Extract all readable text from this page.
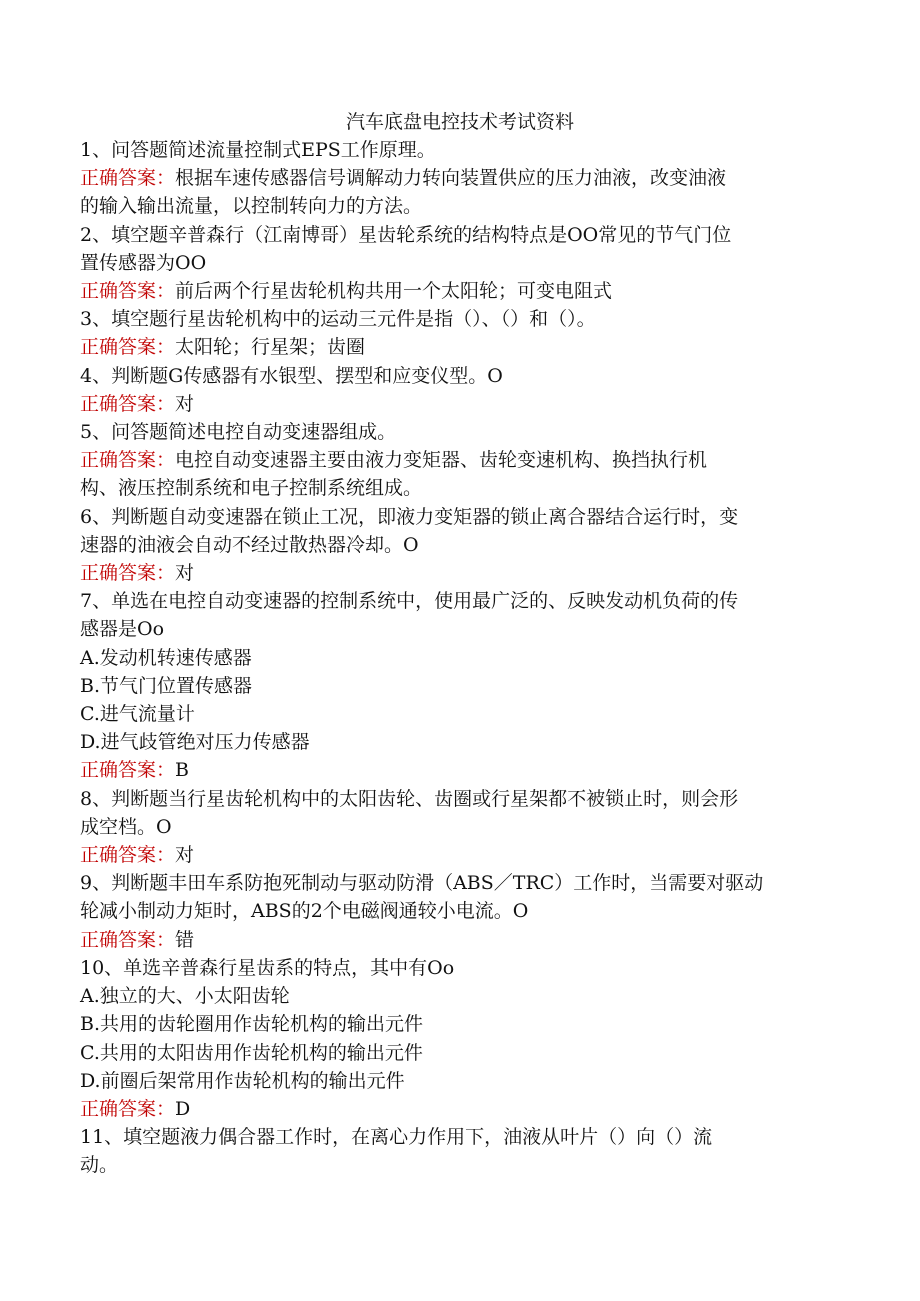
汽车底盘电控技术考试资料
1、问答题简述流量控制式EPS工作原理。
正确答案：根据车速传感器信号调解动力转向装置供应的压力油液，改变油液
的输入输出流量，以控制转向力的方法。
2、填空题辛普森行（江南博哥）星齿轮系统的结构特点是OO常见的节气门位
置传感器为OO
正确答案：前后两个行星齿轮机构共用一个太阳轮；可变电阻式
3、填空题行星齿轮机构中的运动三元件是指（）、（）和（）。
正确答案：太阳轮；行星架；齿圈
4、判断题G传感器有水银型、摆型和应变仪型。O
正确答案：对
5、问答题简述电控自动变速器组成。
正确答案：电控自动变速器主要由液力变矩器、齿轮变速机构、换挡执行机
构、液压控制系统和电子控制系统组成。
6、判断题自动变速器在锁止工况，即液力变矩器的锁止离合器结合运行时，变
速器的油液会自动不经过散热器冷却。O
正确答案：对
7、单选在电控自动变速器的控制系统中，使用最广泛的、反映发动机负荷的传
感器是Oo
A.发动机转速传感器
B.节气门位置传感器
C.进气流量计
D.进气歧管绝对压力传感器
正确答案：B
8、判断题当行星齿轮机构中的太阳齿轮、齿圈或行星架都不被锁止时，则会形
成空档。O
正确答案：对
9、判断题丰田车系防抱死制动与驱动防滑（ABS／TRC）工作时，当需要对驱动
轮减小制动力矩时，ABS的2个电磁阀通较小电流。O
正确答案：错
10、单选辛普森行星齿系的特点，其中有Oo
A.独立的大、小太阳齿轮
B.共用的齿轮圈用作齿轮机构的输出元件
C.共用的太阳齿用作齿轮机构的输出元件
D.前圈后架常用作齿轮机构的输出元件
正确答案：D
11、填空题液力偶合器工作时，在离心力作用下，油液从叶片（）向（）流
动。
